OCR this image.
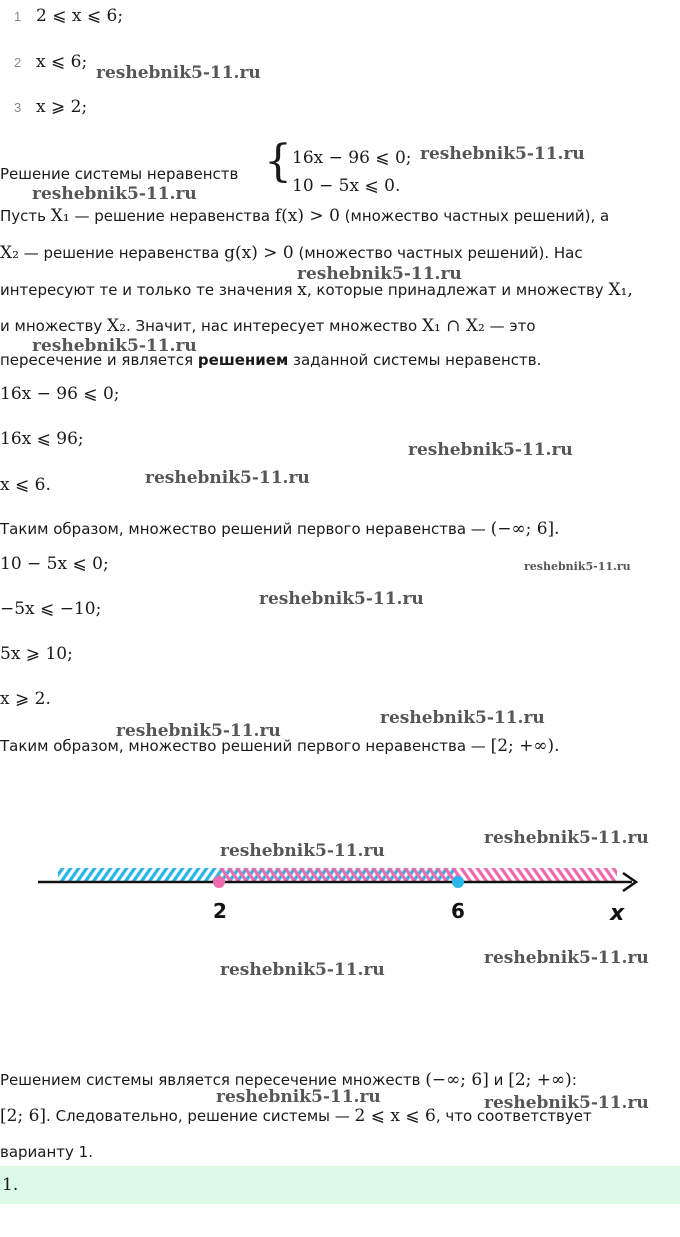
1 2 ⩽ x ⩽ 6;
2 x ⩽ 6;
3 x ⩾ 2;
Решение системы неравенств { 16x − 96 ⩽ 0;
10 − 5x ⩽ 0.
Пусть X₁ — решение неравенства f(x) > 0 (множество частных решений), а
X₂ — решение неравенства g(x) > 0 (множество частных решений). Нас
интересуют те и только те значения x, которые принадлежат и множеству X₁,
и множеству X₂. Значит, нас интересует множество X₁ ∩ X₂ — это
пересечение и является решением заданной системы неравенств.
16x − 96 ⩽ 0;
16x ⩽ 96;
x ⩽ 6.
Таким образом, множество решений первого неравенства — (−∞; 6].
10 − 5x ⩽ 0;
−5x ⩽ −10;
5x ⩾ 10;
x ⩾ 2.
Таким образом, множество решений первого неравенства — [2; +∞).
2	6	x
Решением системы является пересечение множеств (−∞; 6] и [2; +∞):
[2; 6]. Следовательно, решение системы — 2 ⩽ x ⩽ 6, что соответствует
варианту 1.
1.
reshebnik5-11.ru
reshebnik5-11.ru
reshebnik5-11.ru
reshebnik5-11.ru
reshebnik5-11.ru
reshebnik5-11.ru
reshebnik5-11.ru
reshebnik5-11.ru
reshebnik5-11.ru
reshebnik5-11.ru
reshebnik5-11.ru
reshebnik5-11.ru
reshebnik5-11.ru
reshebnik5-11.ru
reshebnik5-11.ru
reshebnik5-11.ru	reshebnik5-11.ru
